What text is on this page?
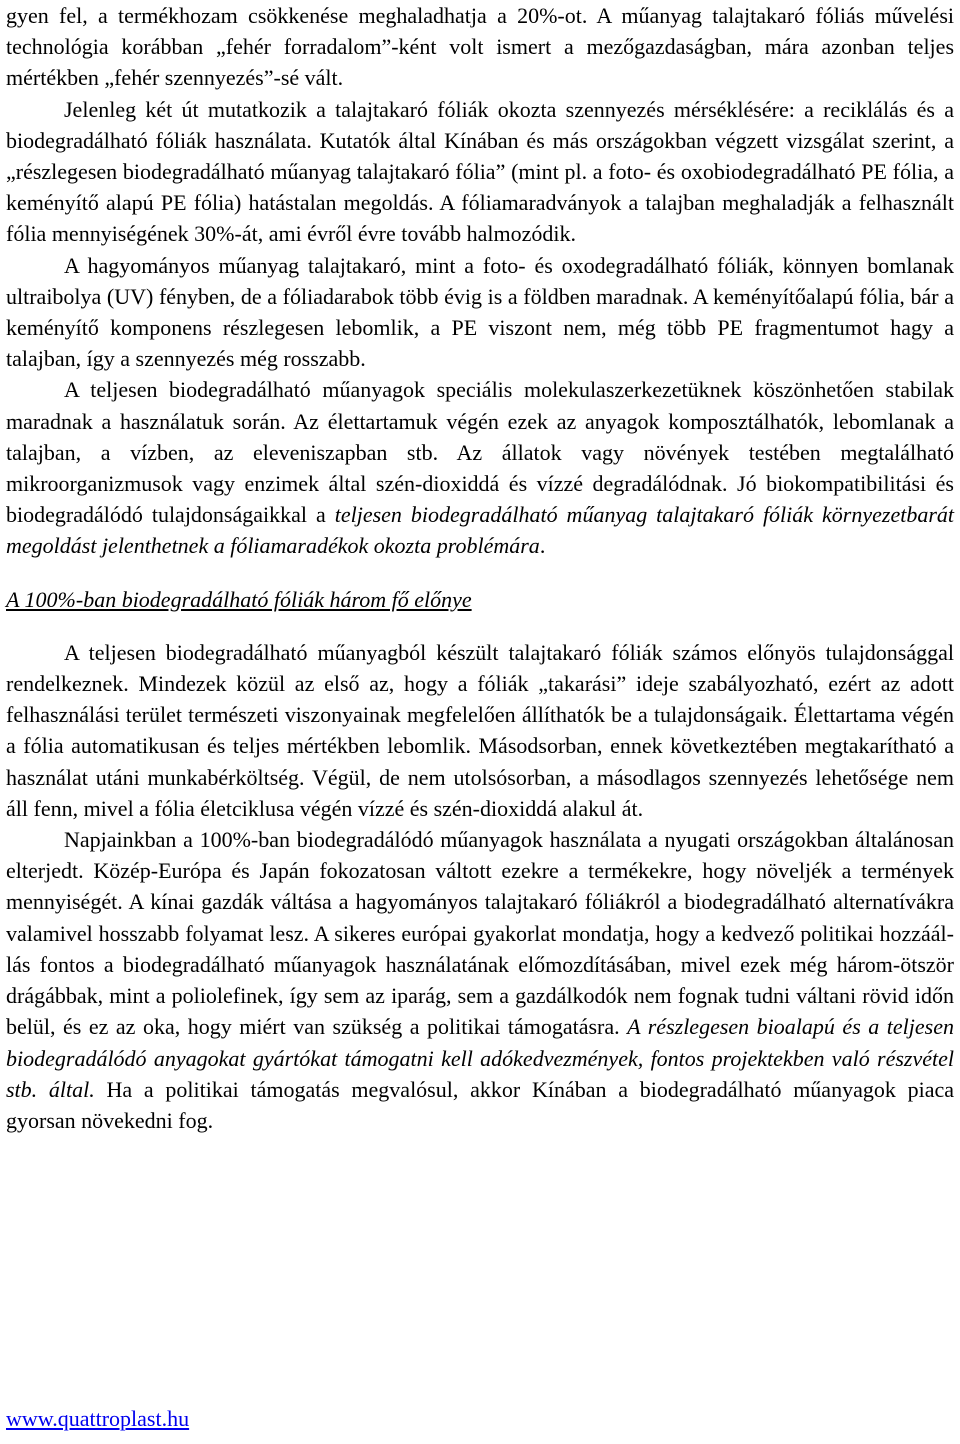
gyen fel, a termékhozam csökkenése meghaladhatja a 20%-ot. A műanyag talajtakaró fóliás művelési technológia korábban „fehér forradalom”-ként volt ismert a mezőgazdaságban, mára azonban teljes mértékben „fehér szennyezés”-sé vált.

Jelenleg két út mutatkozik a talajtakaró fóliák okozta szennyezés mérséklésére: a reciklálás és a biodegradálható fóliák használata. Kutatók által Kínában és más országokban végzett vizsgálat szerint, a „részlegesen biodegradálható műanyag talajtakaró fólia” (mint pl. a foto- és oxobiodegradálható PE fólia, a keményítő alapú PE fólia) hatástalan megoldás. A fóliamaradványok a talajban meghaladják a felhasznált fólia mennyiségének 30%-át, ami évről évre tovább halmozódik.

A hagyományos műanyag talajtakaró, mint a foto- és oxodegradálható fóliák, könnyen bomlanak ultraibolya (UV) fényben, de a fóliadarabok több évig is a földben maradnak. A keményítőalapú fólia, bár a keményítő komponens részlegesen lebomlik, a PE viszont nem, még több PE fragmentumot hagy a talajban, így a szennyezés még rosszabb.

A teljesen biodegradálható műanyagok speciális molekulaszerkezetüknek köszönhetően stabilak maradnak a használatuk során. Az élettartamuk végén ezek az anyagok komposztálhatók, lebomlanak a talajban, a vízben, az eleveniszapban stb. Az állatok vagy növények testében megtalálható mikroorganizmusok vagy enzimek által szén-dioxiddá és vízzé degradálódnak. Jó biokompatibilitási és biodegradálódó tulajdonságaikkal a teljesen biodegradálható műanyag talajtakaró fóliák környezetbarát megoldást jelenthetnek a fóliamaradékok okozta problémára.

A 100%-ban biodegradálható fóliák három fő előnye

A teljesen biodegradálható műanyagból készült talajtakaró fóliák számos előnyös tulajdonsággal rendelkeznek. Mindezek közül az első az, hogy a fóliák „takarási” ideje szabályozható, ezért az adott felhasználási terület természeti viszonyainak megfelelően állíthatók be a tulajdonságaik. Élettartama végén a fólia automatikusan és teljes mértékben lebomlik. Másodsorban, ennek következtében megtakarítható a használat utáni munkabérköltség. Végül, de nem utolsósorban, a másodlagos szennyezés lehetősége nem áll fenn, mivel a fólia életciklusa végén vízzé és szén-dioxiddá alakul át.

Napjainkban a 100%-ban biodegradálódó műanyagok használata a nyugati országokban általánosan elterjedt. Közép-Európa és Japán fokozatosan váltott ezekre a termékekre, hogy növeljék a termények mennyiségét. A kínai gazdák váltása a hagyományos talajtakaró fóliákról a biodegradálható alternatívákra valamivel hosszabb folyamat lesz. A sikeres európai gyakorlat mondatja, hogy a kedvező politikai hozzáállás fontos a biodegradálható műanyagok használatának előmozdításában, mivel ezek még három-ötször drágábbak, mint a poliolefinek, így sem az iparág, sem a gazdálkodók nem fognak tudni váltani rövid időn belül, és ez az oka, hogy miért van szükség a politikai támogatásra. A részlegesen bioalapú és a teljesen biodegradálódó anyagokat gyártókat támogatni kell adókedvezmények, fontos projektekben való részvétel stb. által. Ha a politikai támogatás megvalósul, akkor Kínában a biodegradálható műanyagok piaca gyorsan növekedni fog.

www.quattroplast.hu
